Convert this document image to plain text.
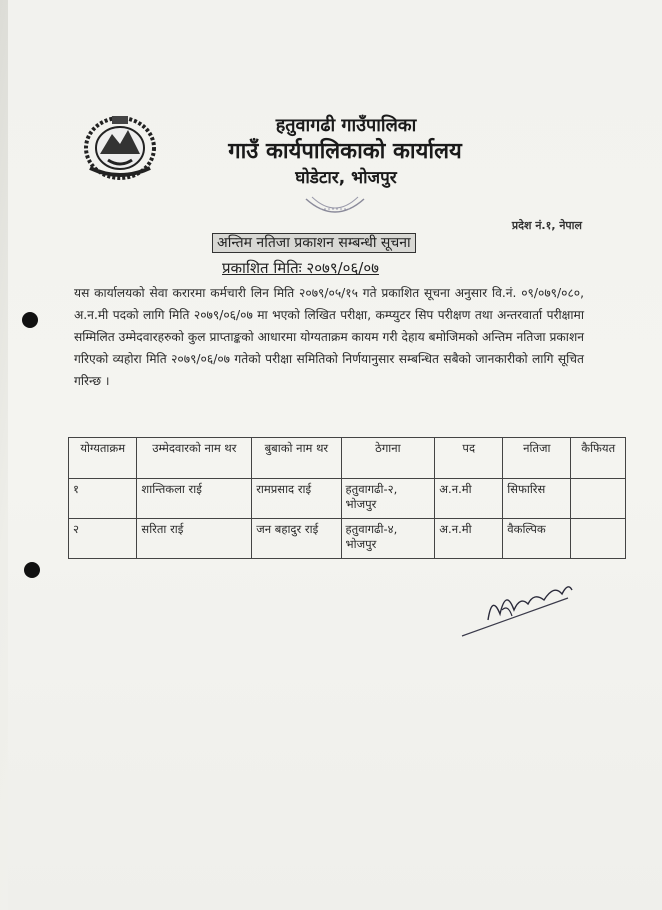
हतुवागढी गाउँपालिका
गाउँ कार्यपालिकाको कार्यालय
घोडेटार, भोजपुर
प्रदेश नं.१, नेपाल
अन्तिम नतिजा प्रकाशन सम्बन्धी सूचना
प्रकाशित मितिः २०७९/०६/०७
यस कार्यालयको सेवा करारमा कर्मचारी लिन मिति २०७९/०५/१५ गते प्रकाशित सूचना अनुसार वि.नं. ०९/०७९/०८०, अ.न.मी पदको लागि मिति २०७९/०६/०७ मा भएको लिखित परीक्षा, कम्प्युटर सिप परीक्षण तथा अन्तरवार्ता परीक्षामा सम्मिलित उम्मेदवारहरुको कुल प्राप्ताङ्कको आधारमा योग्यताक्रम कायम गरी देहाय बमोजिमको अन्तिम नतिजा प्रकाशन गरिएको व्यहोरा मिति २०७९/०६/०७ गतेको परीक्षा समितिको निर्णयानुसार सम्बन्धित सबैको जानकारीको लागि सूचित गरिन्छ ।
योग्यताक्रम	उम्मेदवारको नाम थर	बुबाको नाम थर	ठेगाना	पद	नतिजा	कैफियत
१	शान्तिकला राई	रामप्रसाद राई	हतुवागढी-२, भोजपुर	अ.न.मी	सिफारिस	
२	सरिता राई	जन बहादुर राई	हतुवागढी-४, भोजपुर	अ.न.मी	वैकल्पिक	
